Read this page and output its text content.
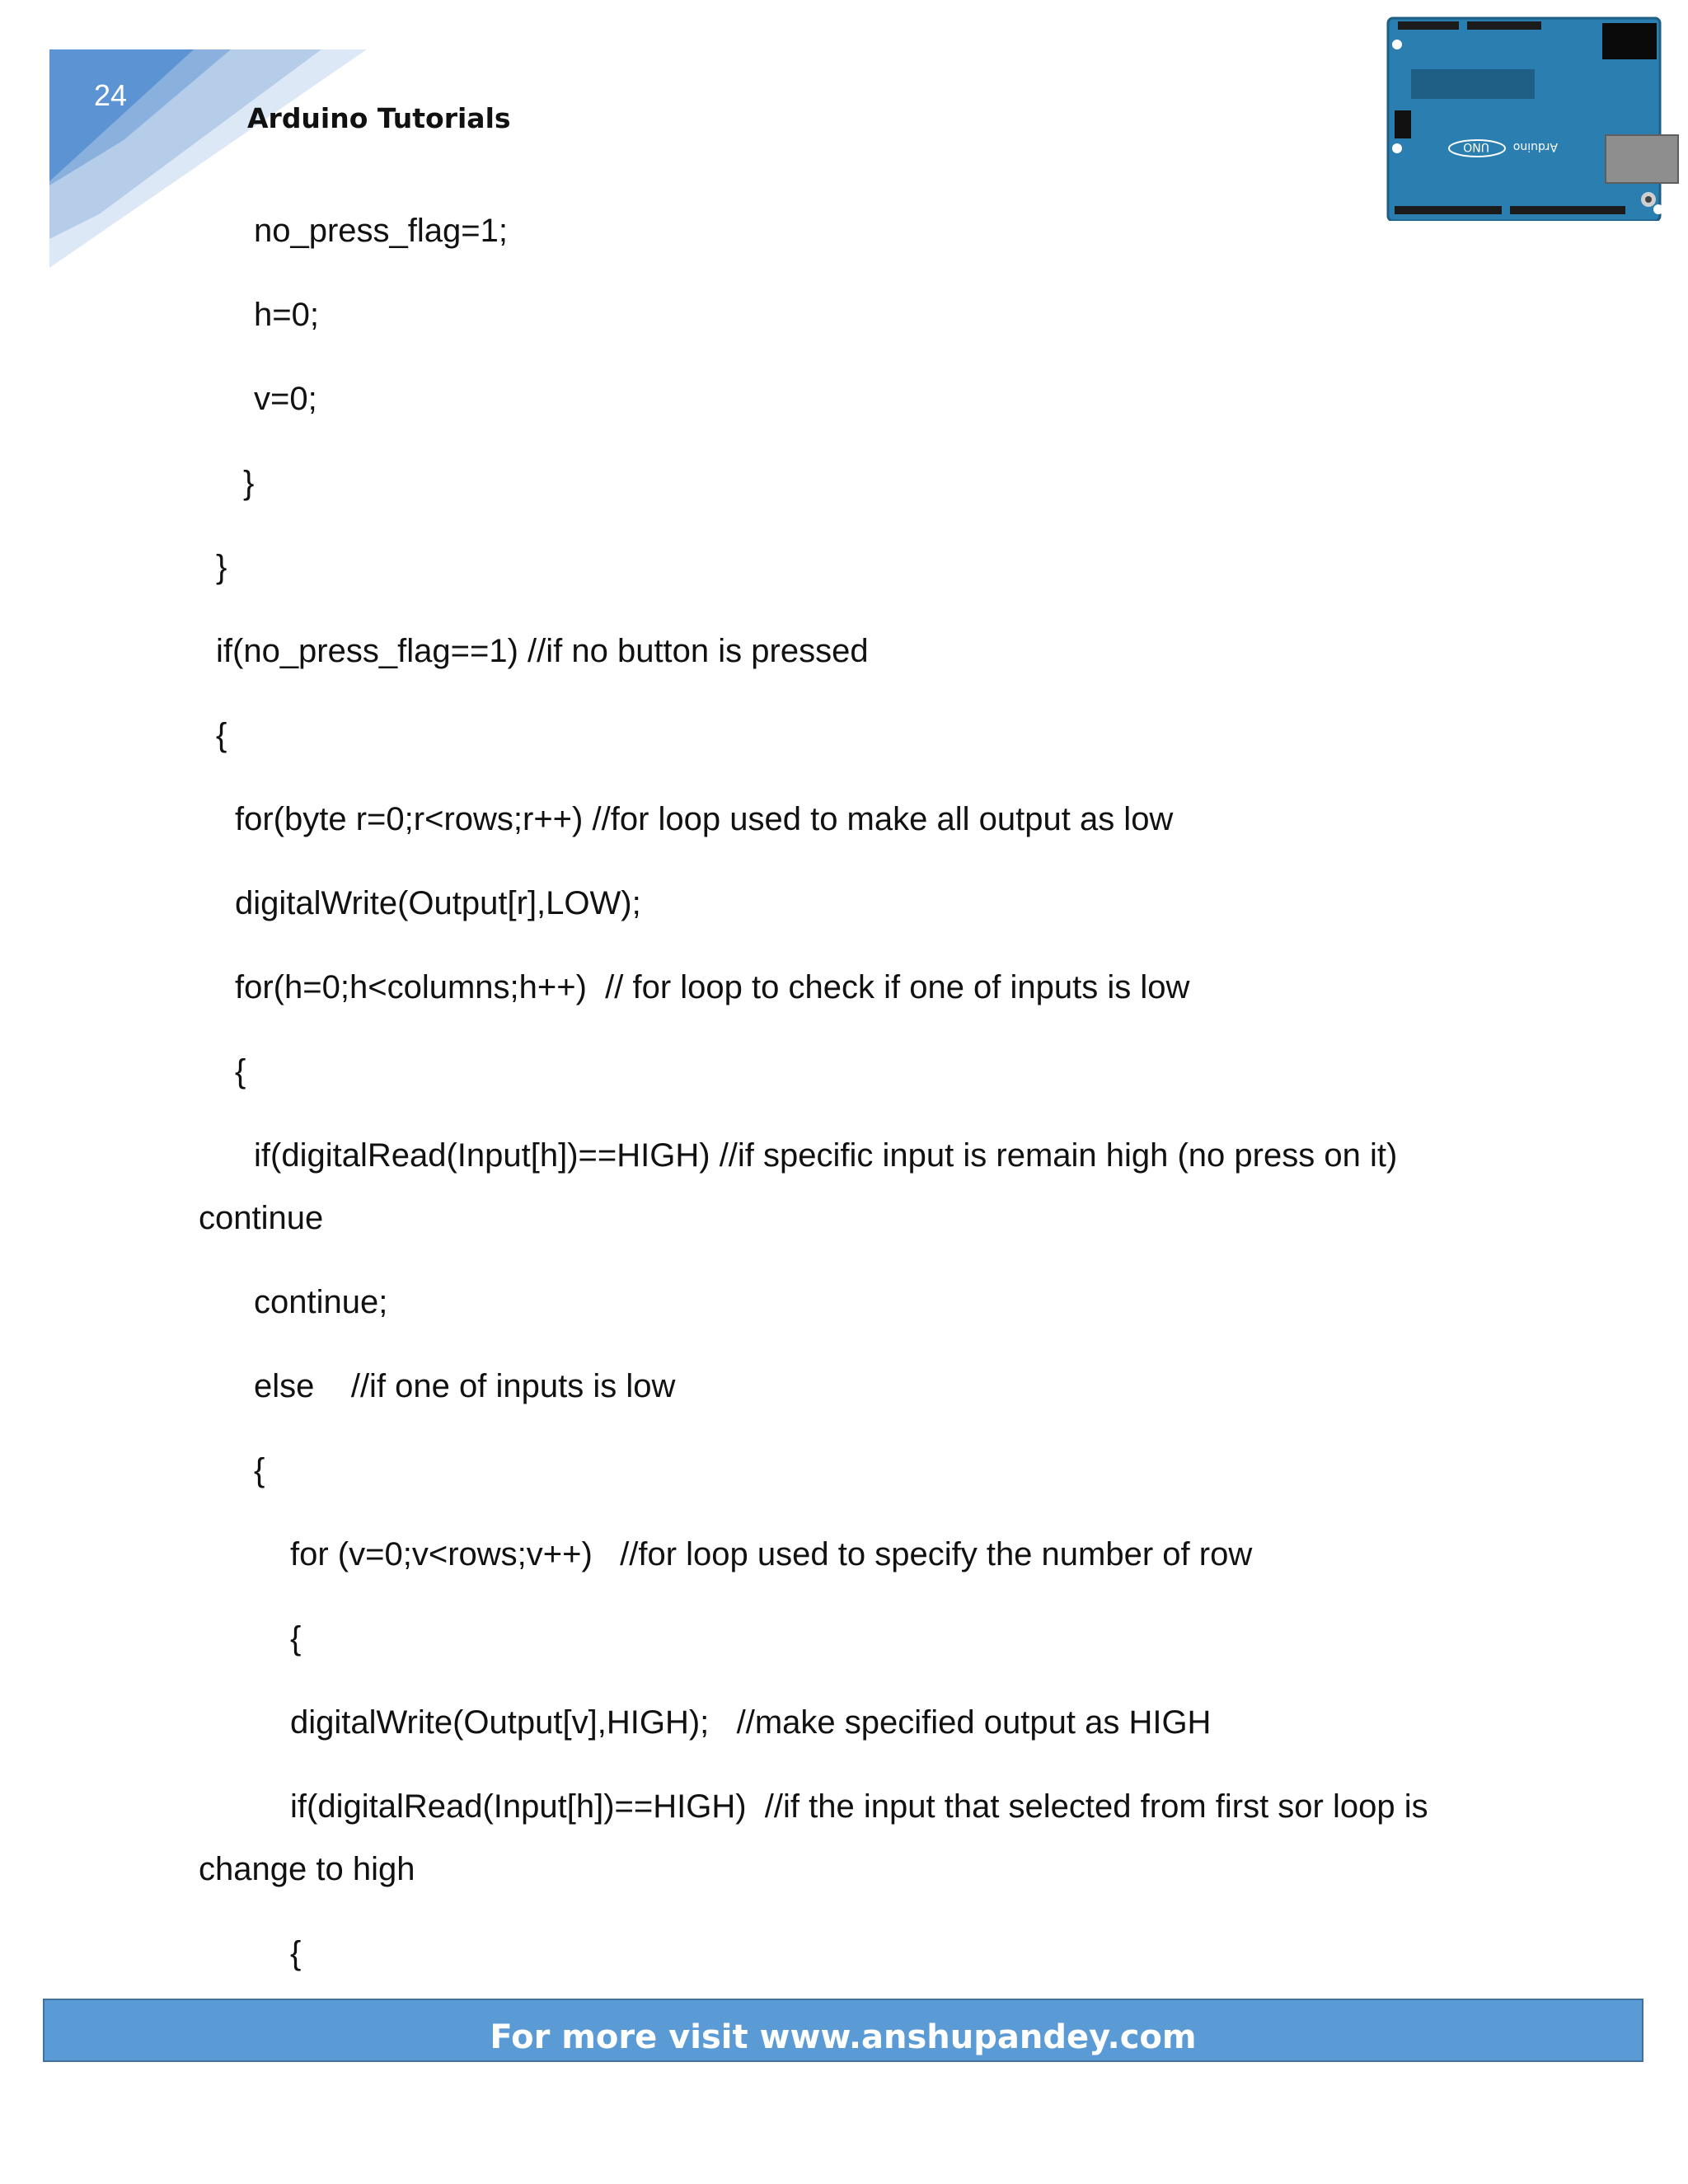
24
Arduino Tutorials
UNO Arduino
no_press_flag=1;
h=0;
v=0;
}
}
if(no_press_flag==1) //if no button is pressed
{
for(byte r=0;r<rows;r++) //for loop used to make all output as low
digitalWrite(Output[r],LOW);
for(h=0;h<columns;h++)  // for loop to check if one of inputs is low
{
if(digitalRead(Input[h])==HIGH) //if specific input is remain high (no press on it)
continue
continue;
else    //if one of inputs is low
{
for (v=0;v<rows;v++)   //for loop used to specify the number of row
{
digitalWrite(Output[v],HIGH);   //make specified output as HIGH
if(digitalRead(Input[h])==HIGH)  //if the input that selected from first sor loop is
change to high
{
For more visit www.anshupandey.com
